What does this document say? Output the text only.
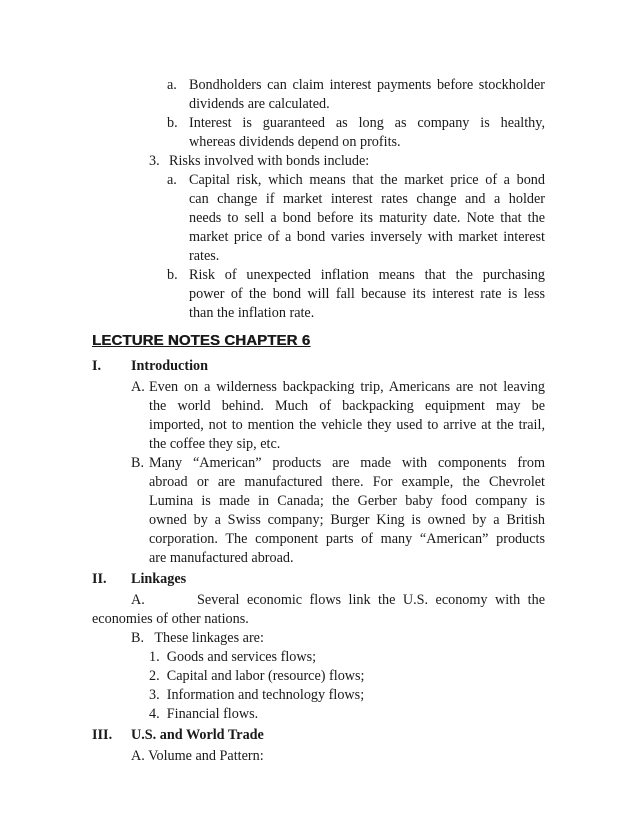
a. Bondholders can claim interest payments before stockholder
dividends are calculated.
b. Interest is guaranteed as long as company is healthy,
whereas dividends depend on profits.
3. Risks involved with bonds include:
a. Capital risk, which means that the market price of a bond
can change if market interest rates change and a holder
needs to sell a bond before its maturity date. Note that the
market price of a bond varies inversely with market interest
rates.
b. Risk of unexpected inflation means that the purchasing
power of the bond will fall because its interest rate is less
than the inflation rate.
LECTURE NOTES CHAPTER 6
I. Introduction
A. Even on a wilderness backpacking trip, Americans are not leaving
the world behind. Much of backpacking equipment may be
imported, not to mention the vehicle they used to arrive at the trail,
the coffee they sip, etc.
B. Many “American” products are made with components from
abroad or are manufactured there. For example, the Chevrolet
Lumina is made in Canada; the Gerber baby food company is
owned by a Swiss company; Burger King is owned by a British
corporation. The component parts of many “American” products
are manufactured abroad.
II. Linkages
A.       Several economic flows link the U.S. economy with the
economies of other nations.
B.   These linkages are:
1.  Goods and services flows;
2.  Capital and labor (resource) flows;
3.  Information and technology flows;
4.  Financial flows.
III. U.S. and World Trade
A. Volume and Pattern:
